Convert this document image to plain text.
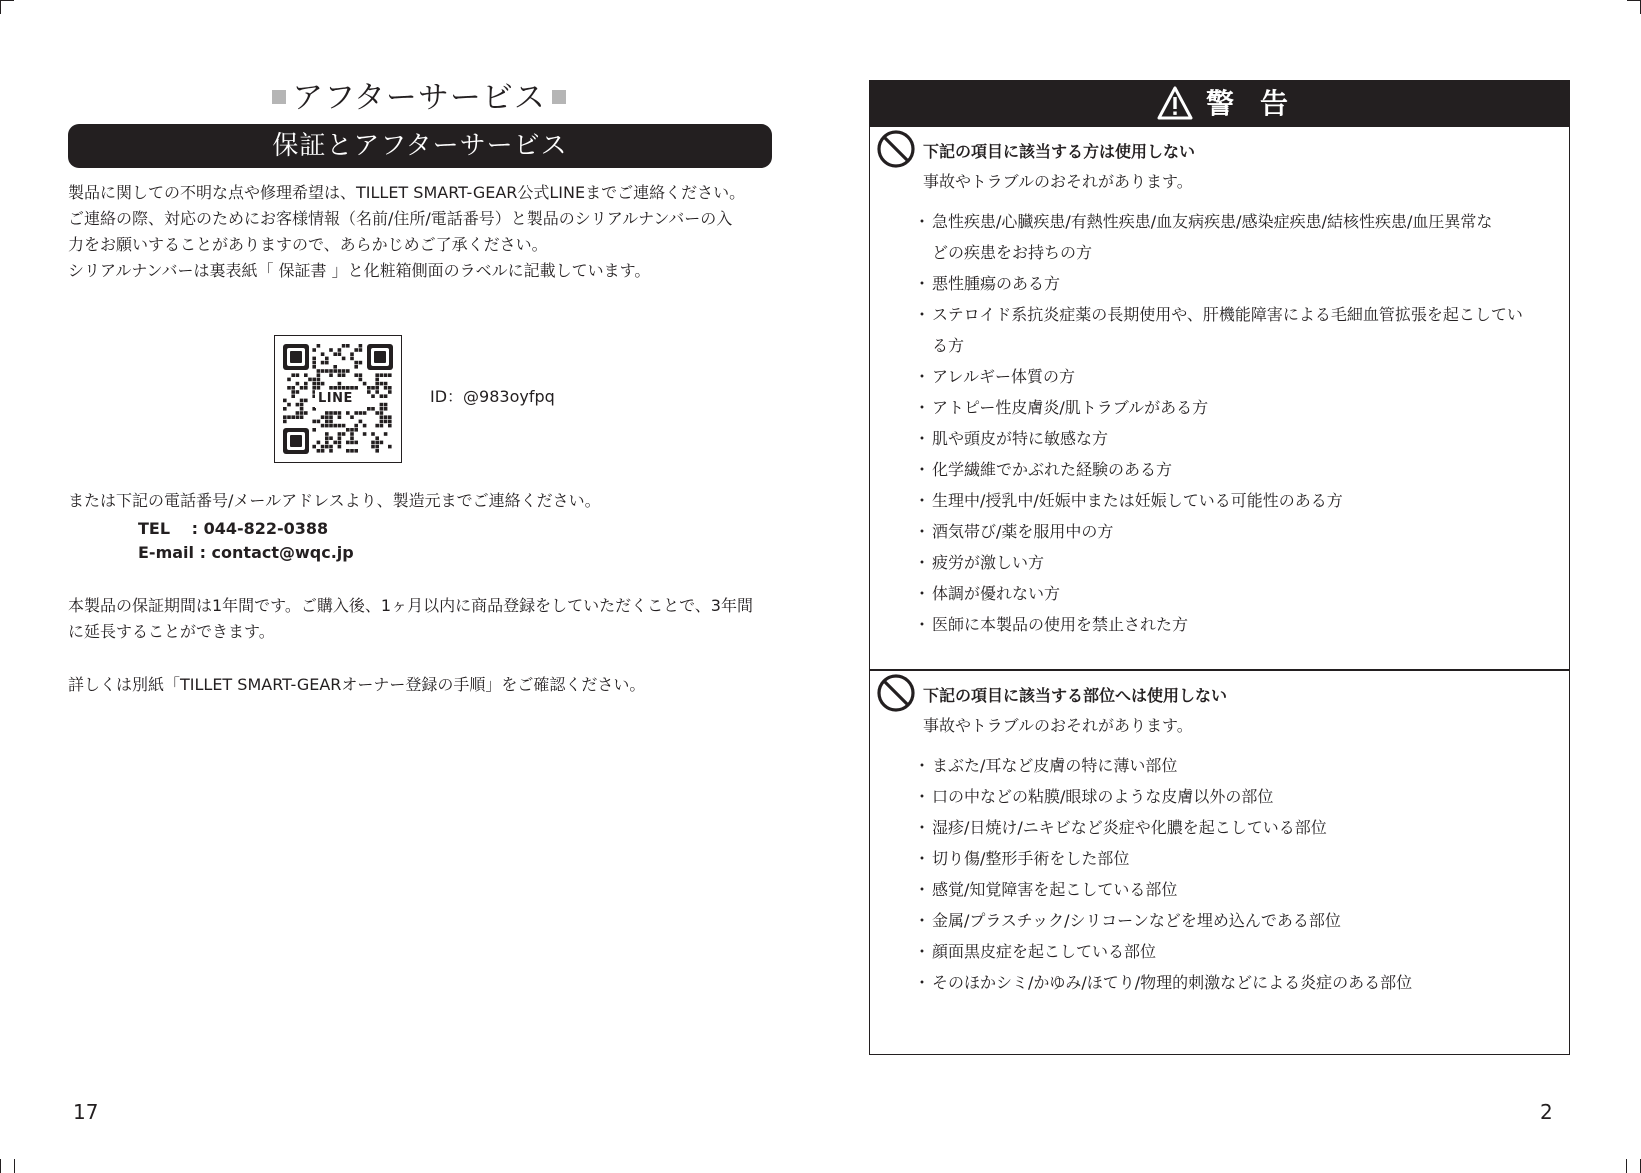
アフターサービス
保証とアフターサービス

製品に関しての不明な点や修理希望は、TILLET SMART-GEAR公式LINEまでご連絡ください。

ご連絡の際、対応のためにお客様情報（名前/住所/電話番号）と製品のシリアルナンバーの入

力をお願いすることがありますので、あらかじめご了承ください。

シリアルナンバーは裏表紙「 保証書 」と化粧箱側面のラベルに記載しています。

LINE	ID：@983oyfpq

または下記の電話番号/メールアドレスより、製造元までご連絡ください。

TEL　 : 044-822-0388
E-mail : contact@wqc.jp

本製品の保証期間は1年間です。ご購入後、1ヶ月以内に商品登録をしていただくことで、3年間

に延長することができます。

詳しくは別紙「TILLET SMART-GEARオーナー登録の手順」をご確認ください。

17
警告
下記の項目に該当する方は使用しない
事故やトラブルのおそれがあります。
・ 急性疾患/心臓疾患/有熱性疾患/血友病疾患/感染症疾患/結核性疾患/血圧異常な
どの疾患をお持ちの方
・ 悪性腫瘍のある方
・ ステロイド系抗炎症薬の長期使用や、肝機能障害による毛細血管拡張を起こしてい
る方
・ アレルギー体質の方
・ アトピー性皮膚炎/肌トラブルがある方
・ 肌や頭皮が特に敏感な方
・ 化学繊維でかぶれた経験のある方
・ 生理中/授乳中/妊娠中または妊娠している可能性のある方
・ 酒気帯び/薬を服用中の方
・ 疲労が激しい方
・ 体調が優れない方
・ 医師に本製品の使用を禁止された方
下記の項目に該当する部位へは使用しない
事故やトラブルのおそれがあります。
・ まぶた/耳など皮膚の特に薄い部位
・ 口の中などの粘膜/眼球のような皮膚以外の部位
・ 湿疹/日焼け/ニキビなど炎症や化膿を起こしている部位
・ 切り傷/整形手術をした部位
・ 感覚/知覚障害を起こしている部位
・ 金属/プラスチック/シリコーンなどを埋め込んである部位
・ 顔面黒皮症を起こしている部位
・ そのほかシミ/かゆみ/ほてり/物理的刺激などによる炎症のある部位
2
